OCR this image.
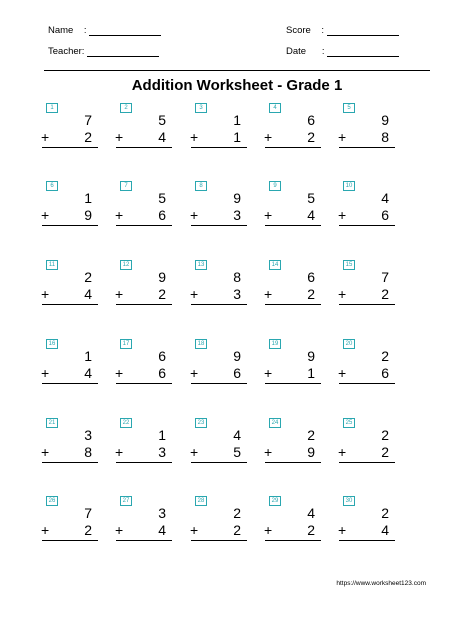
Name :	Score :
Teacher:	Date :
Addition Worksheet - Grade 1
1
7
+	2
2
5
+	4
3
1
+	1
4
6
+	2
5
9
+	8
6
1
+	9
7
5
+	6
8
9
+	3
9
5
+	4
10
4
+	6
11
2
+	4
12
9
+	2
13
8
+	3
14
6
+	2
15
7
+	2
16
1
+	4
17
6
+	6
18
9
+	6
19
9
+	1
20
2
+	6
21
3
+	8
22
1
+	3
23
4
+	5
24
2
+	9
25
2
+	2
26
7
+	2
27
3
+	4
28
2
+	2
29
4
+	2
30
2
+	4
https://www.worksheet123.com
